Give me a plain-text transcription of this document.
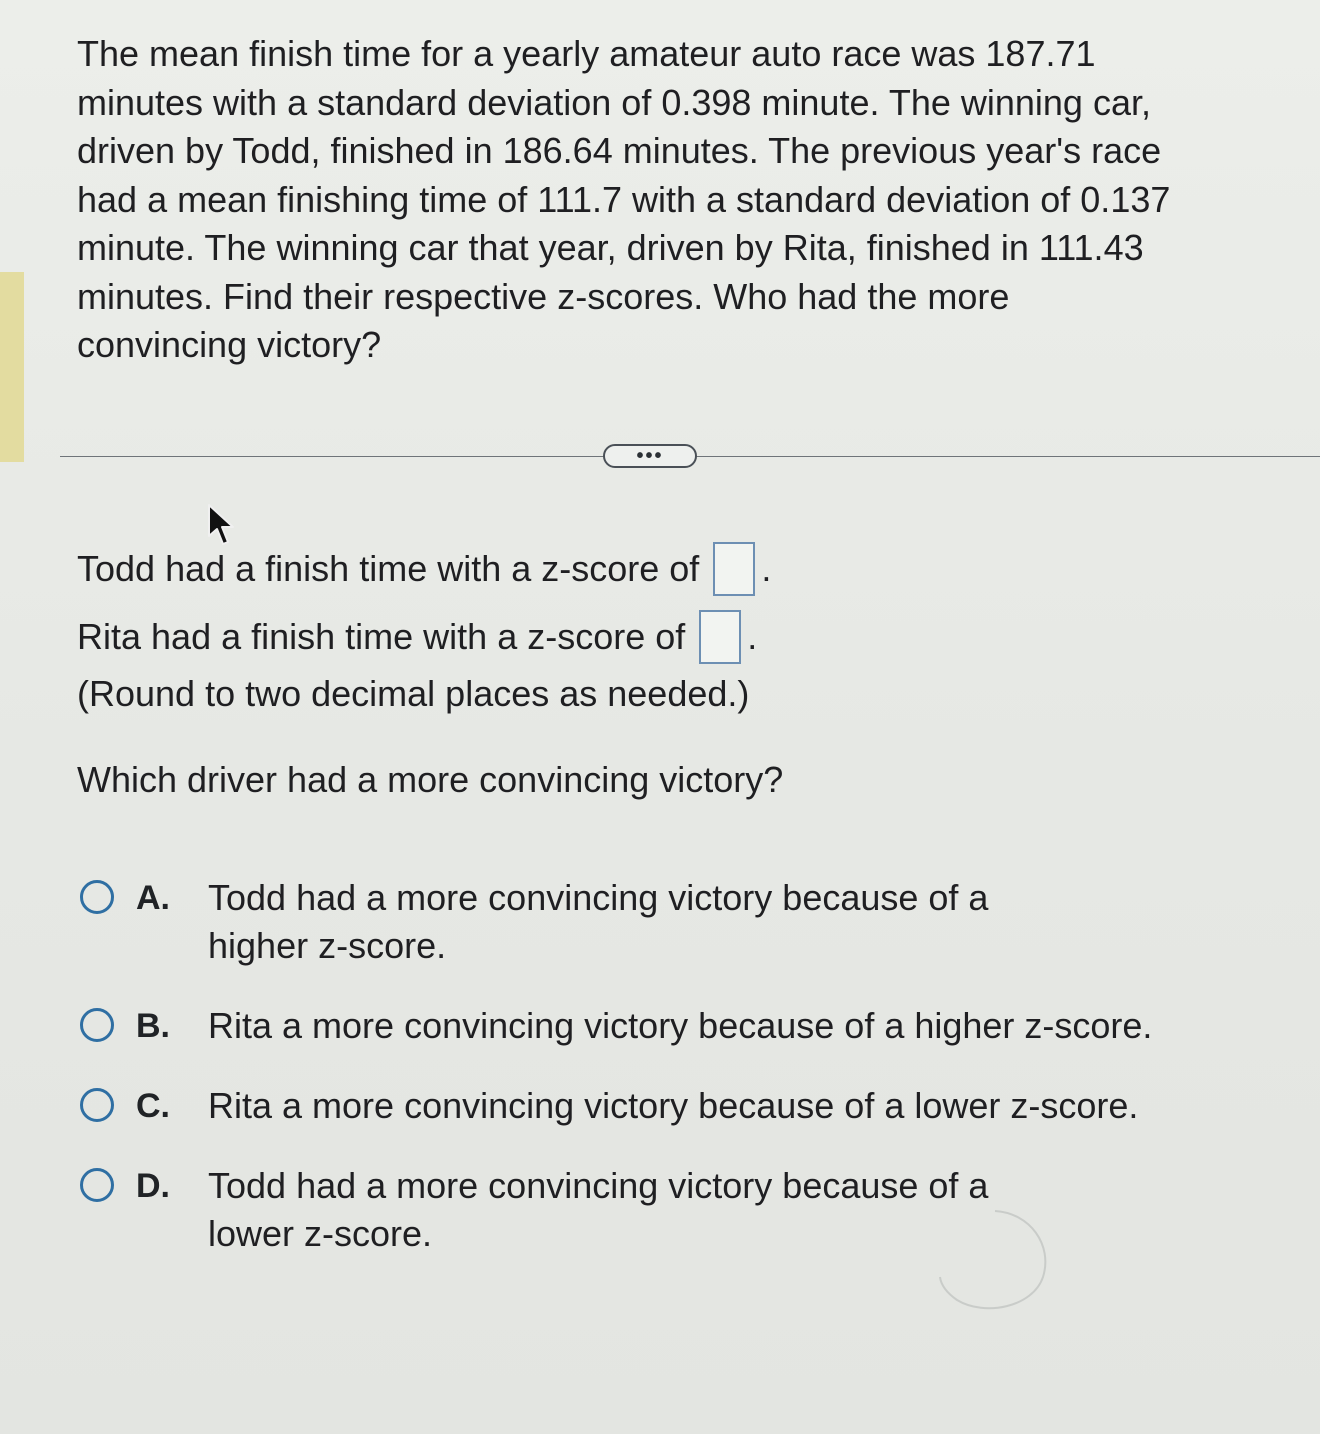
The mean finish time for a yearly amateur auto race was 187.71
minutes with a standard deviation of 0.398 minute. The winning car,
driven by Todd, finished in 186.64 minutes. The previous year's race
had a mean finishing time of 111.7 with a standard deviation of 0.137
minute. The winning car that year, driven by Rita, finished in 111.43
minutes. Find their respective z-scores. Who had the more
convincing victory?
•••
Todd had a finish time with a z-score of .
Rita had a finish time with a z-score of .
(Round to two decimal places as needed.)
Which driver had a more convincing victory?
A.	Todd had a more convincing victory because of a
higher z-score.
B.	Rita a more convincing victory because of a higher z-score.
C.	Rita a more convincing victory because of a lower z-score.
D.	Todd had a more convincing victory because of a
lower z-score.
